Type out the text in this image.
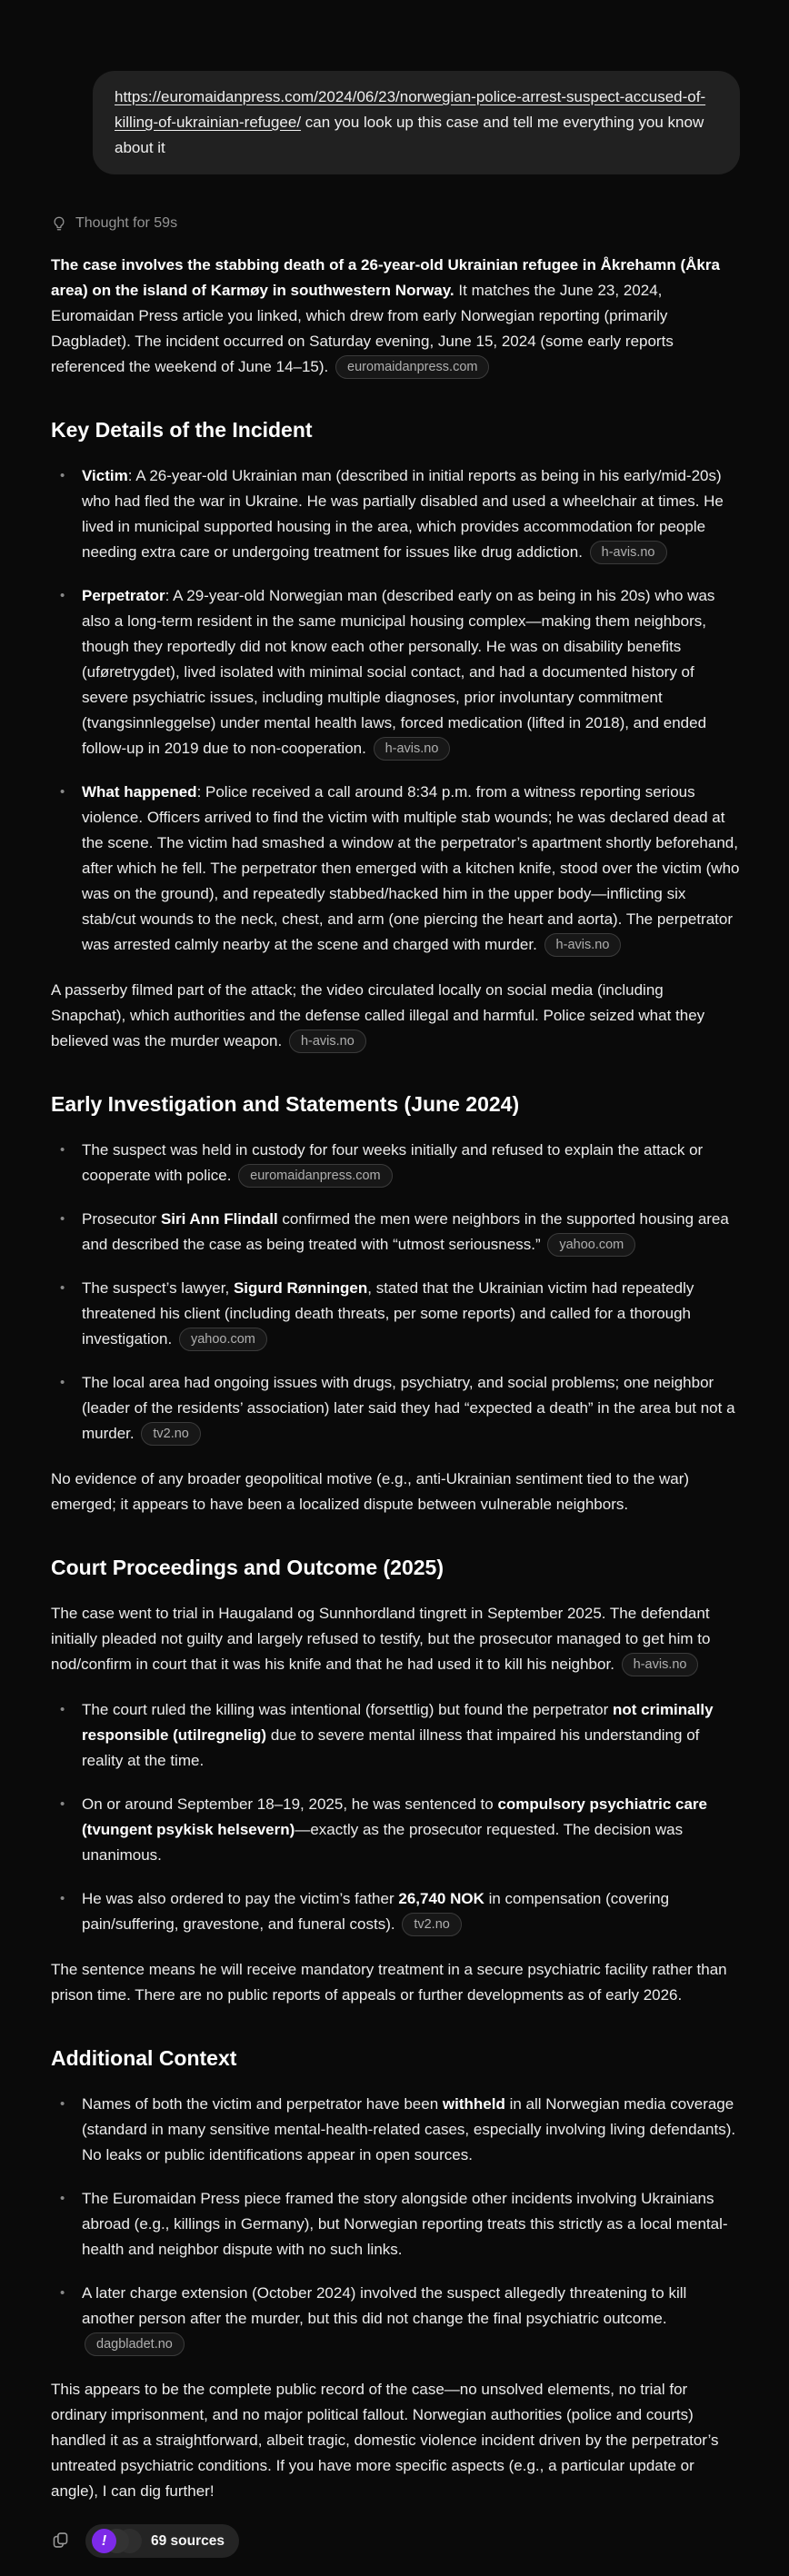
https://euromaidanpress.com/2024/06/23/norwegian-police-arrest-suspect-accused-of-killing-of-ukrainian-refugee/ can you look up this case and tell me everything you know about it
Thought for 59s

The case involves the stabbing death of a 26-year-old Ukrainian refugee in Åkrehamn (Åkra area) on the island of Karmøy in southwestern Norway. It matches the June 23, 2024, Euromaidan Press article you linked, which drew from early Norwegian reporting (primarily Dagbladet). The incident occurred on Saturday evening, June 15, 2024 (some early reports referenced the weekend of June 14–15). euromaidanpress.com

Key Details of the Incident
• Victim: A 26-year-old Ukrainian man (described in initial reports as being in his early/mid-20s) who had fled the war in Ukraine. He was partially disabled and used a wheelchair at times. He lived in municipal supported housing in the area, which provides accommodation for people needing extra care or undergoing treatment for issues like drug addiction. h-avis.no
• Perpetrator: A 29-year-old Norwegian man (described early on as being in his 20s) who was also a long-term resident in the same municipal housing complex—making them neighbors, though they reportedly did not know each other personally. He was on disability benefits (uføretrygdet), lived isolated with minimal social contact, and had a documented history of severe psychiatric issues, including multiple diagnoses, prior involuntary commitment (tvangsinnleggelse) under mental health laws, forced medication (lifted in 2018), and ended follow-up in 2019 due to non-cooperation. h-avis.no
• What happened: Police received a call around 8:34 p.m. from a witness reporting serious violence. Officers arrived to find the victim with multiple stab wounds; he was declared dead at the scene. The victim had smashed a window at the perpetrator’s apartment shortly beforehand, after which he fell. The perpetrator then emerged with a kitchen knife, stood over the victim (who was on the ground), and repeatedly stabbed/hacked him in the upper body—inflicting six stab/cut wounds to the neck, chest, and arm (one piercing the heart and aorta). The perpetrator was arrested calmly nearby at the scene and charged with murder. h-avis.no

A passerby filmed part of the attack; the video circulated locally on social media (including Snapchat), which authorities and the defense called illegal and harmful. Police seized what they believed was the murder weapon. h-avis.no

Early Investigation and Statements (June 2024)
• The suspect was held in custody for four weeks initially and refused to explain the attack or cooperate with police. euromaidanpress.com
• Prosecutor Siri Ann Flindall confirmed the men were neighbors in the supported housing area and described the case as being treated with “utmost seriousness.” yahoo.com
• The suspect’s lawyer, Sigurd Rønningen, stated that the Ukrainian victim had repeatedly threatened his client (including death threats, per some reports) and called for a thorough investigation. yahoo.com
• The local area had ongoing issues with drugs, psychiatry, and social problems; one neighbor (leader of the residents’ association) later said they had “expected a death” in the area but not a murder. tv2.no

No evidence of any broader geopolitical motive (e.g., anti-Ukrainian sentiment tied to the war) emerged; it appears to have been a localized dispute between vulnerable neighbors.

Court Proceedings and Outcome (2025)

The case went to trial in Haugaland og Sunnhordland tingrett in September 2025. The defendant initially pleaded not guilty and largely refused to testify, but the prosecutor managed to get him to nod/confirm in court that it was his knife and that he had used it to kill his neighbor. h-avis.no

• The court ruled the killing was intentional (forsettlig) but found the perpetrator not criminally responsible (utilregnelig) due to severe mental illness that impaired his understanding of reality at the time.
• On or around September 18–19, 2025, he was sentenced to compulsory psychiatric care (tvungent psykisk helsevern)—exactly as the prosecutor requested. The decision was unanimous.
• He was also ordered to pay the victim’s father 26,740 NOK in compensation (covering pain/suffering, gravestone, and funeral costs). tv2.no

The sentence means he will receive mandatory treatment in a secure psychiatric facility rather than prison time. There are no public reports of appeals or further developments as of early 2026.

Additional Context
• Names of both the victim and perpetrator have been withheld in all Norwegian media coverage (standard in many sensitive mental-health-related cases, especially involving living defendants). No leaks or public identifications appear in open sources.
• The Euromaidan Press piece framed the story alongside other incidents involving Ukrainians abroad (e.g., killings in Germany), but Norwegian reporting treats this strictly as a local mental-health and neighbor dispute with no such links.
• A later charge extension (October 2024) involved the suspect allegedly threatening to kill another person after the murder, but this did not change the final psychiatric outcome. dagbladet.no

This appears to be the complete public record of the case—no unsolved elements, no trial for ordinary imprisonment, and no major political fallout. Norwegian authorities (police and courts) handled it as a straightforward, albeit tragic, domestic violence incident driven by the perpetrator’s untreated psychiatric conditions. If you have more specific aspects (e.g., a particular update or angle), I can dig further!

!	69 sources
